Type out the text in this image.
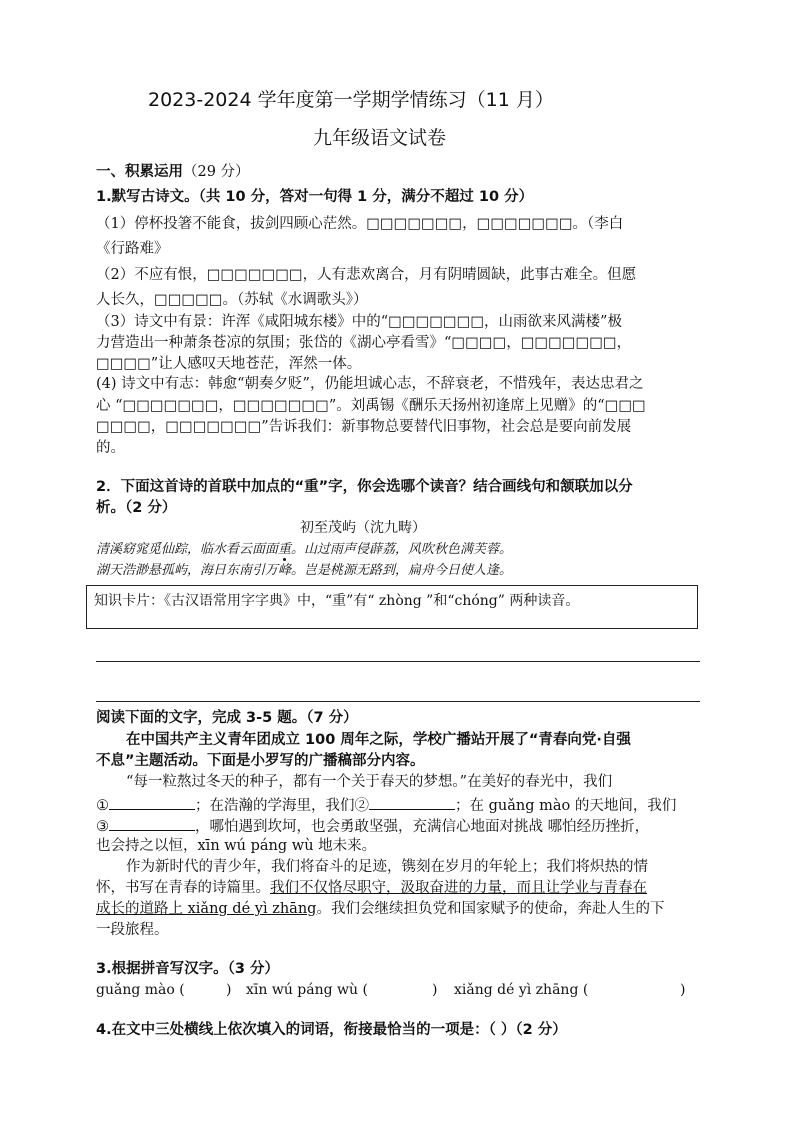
2023-2024 学年度第一学期学情练习（11 月）
九年级语文试卷
一、积累运用（29 分）
1.默写古诗文。（共 10 分，答对一句得 1 分，满分不超过 10 分）
（1）停杯投箸不能食，拔剑四顾心茫然。□□□□□□□，□□□□□□□。（李白
《行路难》
（2）不应有恨，□□□□□□□，人有悲欢离合，月有阴晴圆缺，此事古难全。但愿
人长久，□□□□□。（苏轼《水调歌头》）
（3）诗文中有景：许浑《咸阳城东楼》中的“□□□□□□□，山雨欲来风满楼”极
力营造出一种萧条苍凉的氛围；张岱的《湖心亭看雪》“□□□□，□□□□□□□，
□□□□”让人感叹天地苍茫，浑然一体。
(4) 诗文中有志：韩愈“朝奏夕贬”，仍能坦诚心志，不辞衰老，不惜残年，表达忠君之
心 “□□□□□□□，□□□□□□□”。刘禹锡《酬乐天扬州初逢席上见赠》的“□□□
□□□□，□□□□□□□”告诉我们：新事物总要替代旧事物，社会总是要向前发展
的。
2．下面这首诗的首联中加点的“重”字，你会选哪个读音？结合画线句和颔联加以分
析。（2 分）
初至茂屿（沈九畴）
清溪窈窕觅仙踪，临水看云面面重。山过雨声侵薜荔，风吹秋色满芙蓉。
湖天浩渺悬孤屿，海日东南引万峰。岂是桃源无路到，扁舟今日使人逢。
知识卡片：《古汉语常用字字典》中，“重”有“ zhòng ”和“chóng” 两种读音。
阅读下面的文字，完成 3-5 题。（7 分）
在中国共产主义青年团成立 100 周年之际，学校广播站开展了“青春向党·自强
不息”主题活动。下面是小罗写的广播稿部分内容。
“每一粒熬过冬天的种子，都有一个关于春天的梦想。”在美好的春光中，我们
①	；在浩瀚的学海里，我们②	；在 guǎng mào 的天地间，我们
③	，哪怕遇到坎坷，也会勇敢坚强，充满信心地面对挑战 哪怕经历挫折，
也会持之以恒，xīn wú páng wù 地未来。
作为新时代的青少年，我们将奋斗的足迹，镌刻在岁月的年轮上；我们将炽热的情
怀，书写在青春的诗篇里。我们不仅恪尽职守，汲取奋进的力量，而且让学业与青春在
成长的道路上 xiǎng dé yì zhāng。我们会继续担负党和国家赋予的使命，奔赴人生的下
一段旅程。
3.根据拼音写汉字。（3 分）
guǎng mào (	) xīn wú páng wù (	) xiǎng dé yì zhāng (	)
4.在文中三处横线上依次填入的词语，衔接最恰当的一项是：（ ）（2 分）
